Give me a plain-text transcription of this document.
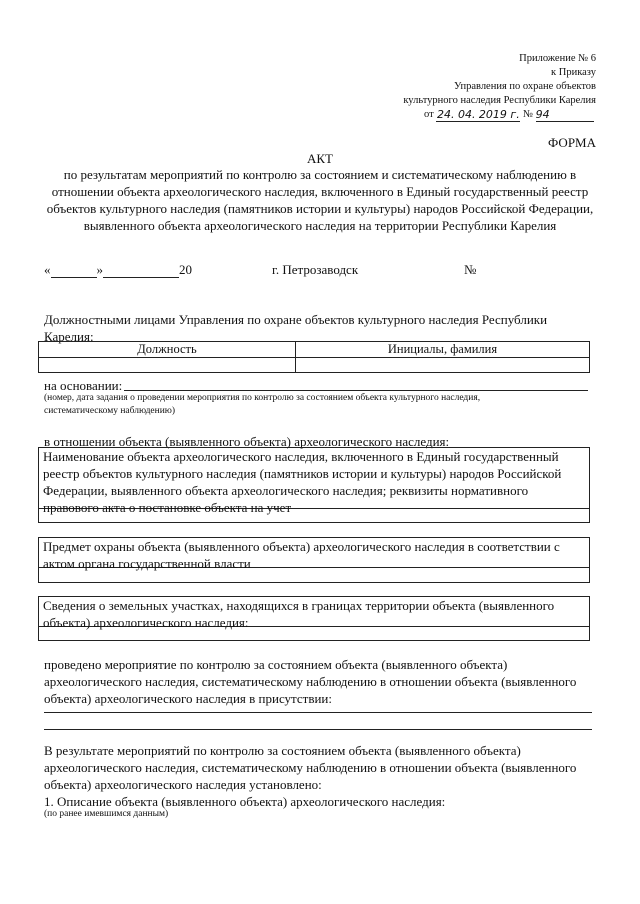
Приложение № 6
к Приказу
Управления по охране объектов
культурного наследия Республики Карелия
от 24. 04. 2019 г. № 94
ФОРМА
АКТ
по результатам мероприятий по контролю за состоянием и систематическому наблюдению в
отношении объекта археологического наследия, включенного в Единый государственный реестр
объектов культурного наследия (памятников истории и культуры) народов Российской Федерации,
выявленного объекта археологического наследия на территории Республики Карелия
«	»	20	г. Петрозаводск	№
Должностными лицами Управления по охране объектов культурного наследия Республики
Карелия:
Должность	Инициалы, фамилия
на основании:
(номер, дата задания о проведении мероприятия по контролю за состоянием объекта культурного наследия,
систематическому наблюдению)
в отношении объекта (выявленного объекта) археологического наследия:
Наименование объекта археологического наследия, включенного в Единый государственный
реестр объектов культурного наследия (памятников истории и культуры) народов Российской
Федерации, выявленного объекта археологического наследия; реквизиты нормативного
правового акта о постановке объекта на учет
Предмет охраны объекта (выявленного объекта) археологического наследия в соответствии с
актом органа государственной власти
Сведения о земельных участках, находящихся в границах территории объекта (выявленного
объекта) археологического наследия:
проведено мероприятие по контролю за состоянием объекта (выявленного объекта)
археологического наследия, систематическому наблюдению в отношении объекта (выявленного
объекта) археологического наследия в присутствии:
В результате мероприятий по контролю за состоянием объекта (выявленного объекта)
археологического наследия, систематическому наблюдению в отношении объекта (выявленного
объекта) археологического наследия установлено:
1. Описание объекта (выявленного объекта) археологического наследия:
(по ранее имевшимся данным)
